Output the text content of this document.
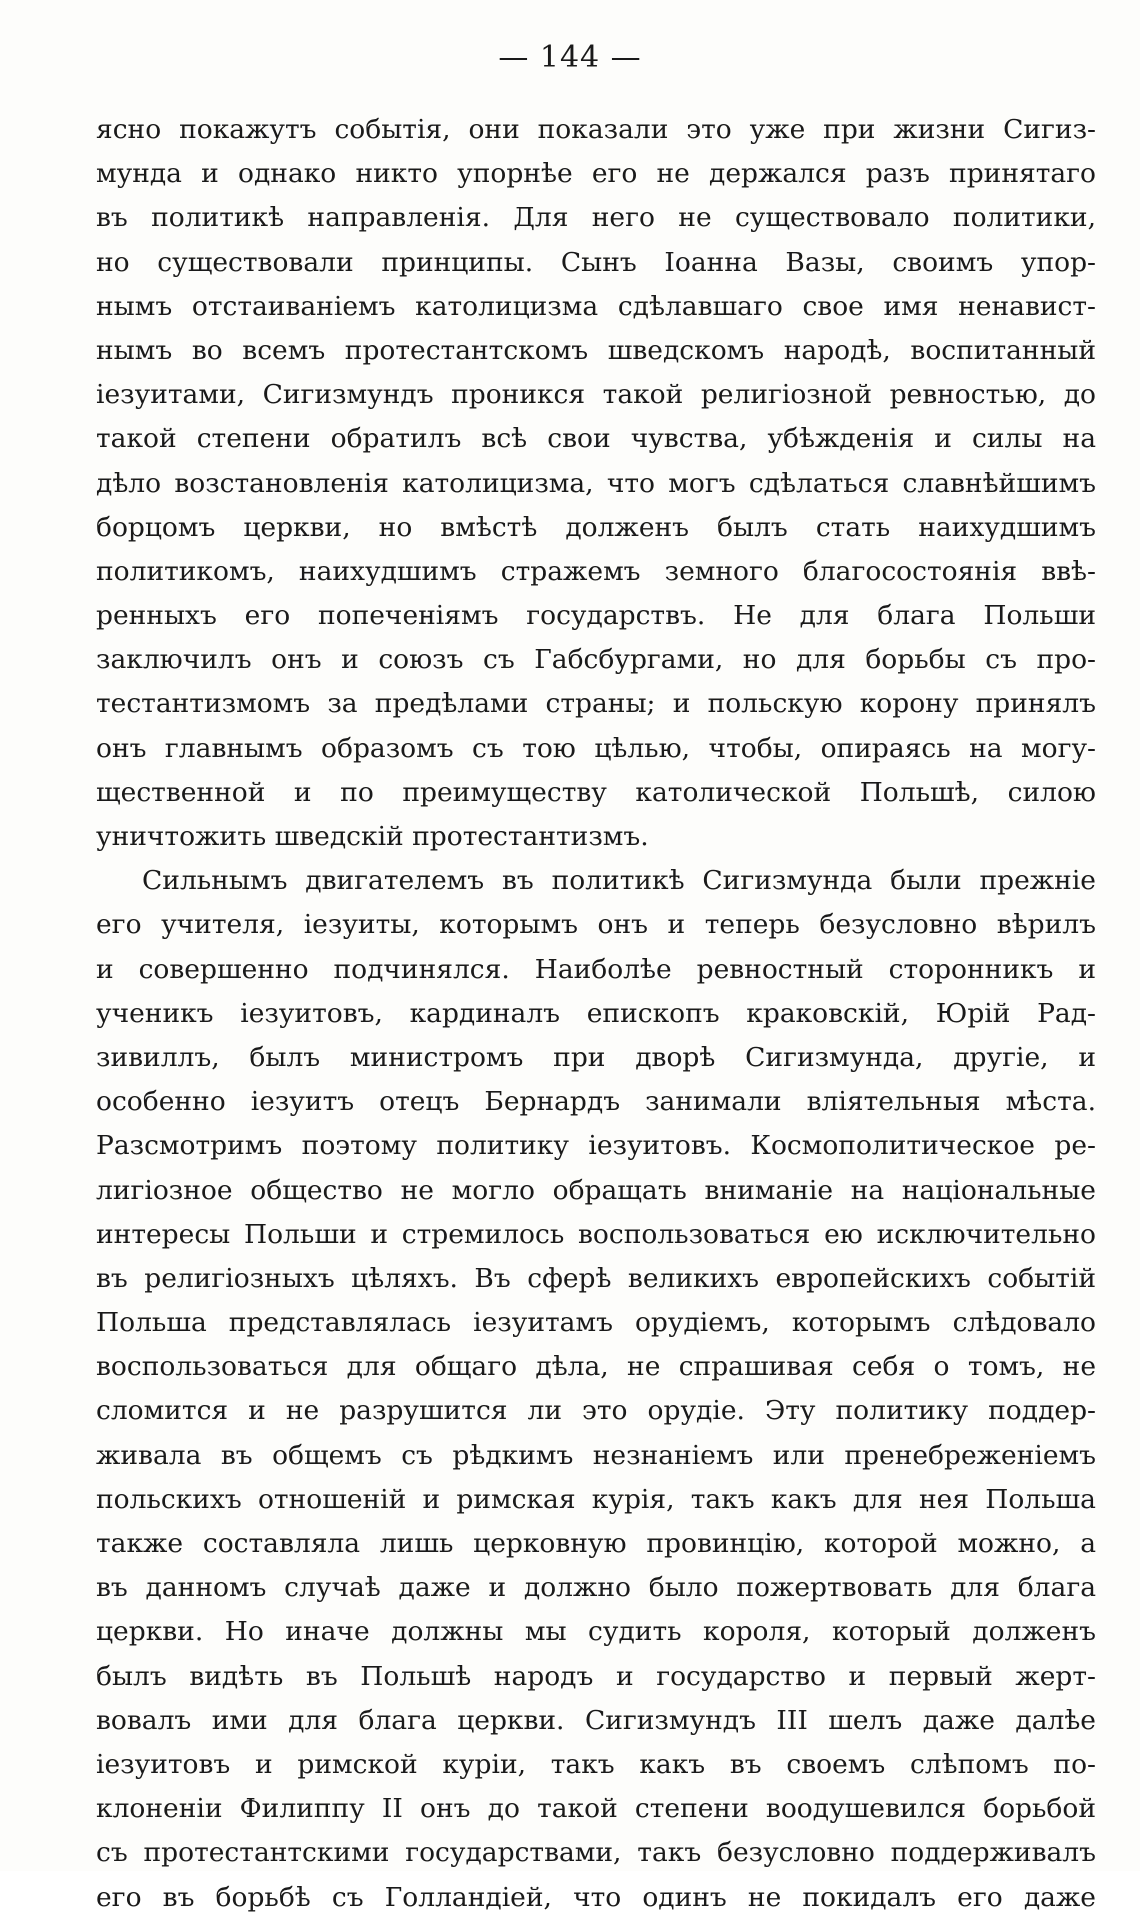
— 144 —
ясно покажутъ событія, они показали это уже при жизни Сигиз-
мунда и однако никто упорнѣе его не держался разъ принятаго
въ политикѣ направленія. Для него не существовало политики,
но существовали принципы. Сынъ Іоанна Вазы, своимъ упор-
нымъ отстаиваніемъ католицизма сдѣлавшаго свое имя ненавист-
нымъ во всемъ протестантскомъ шведскомъ народѣ, воспитанный
іезуитами, Сигизмундъ проникся такой религіозной ревностью, до
такой степени обратилъ всѣ свои чувства, убѣжденія и силы на
дѣло возстановленія католицизма, что могъ сдѣлаться славнѣйшимъ
борцомъ церкви, но вмѣстѣ долженъ былъ стать наихудшимъ
политикомъ, наихудшимъ стражемъ земного благосостоянія ввѣ-
ренныхъ его попеченіямъ государствъ. Не для блага Польши
заключилъ онъ и союзъ съ Габсбургами, но для борьбы съ про-
тестантизмомъ за предѣлами страны; и польскую корону принялъ
онъ главнымъ образомъ съ тою цѣлью, чтобы, опираясь на могу-
щественной и по преимуществу католической Польшѣ, силою
уничтожить шведскій протестантизмъ.
Сильнымъ двигателемъ въ политикѣ Сигизмунда были прежніе
его учителя, іезуиты, которымъ онъ и теперь безусловно вѣрилъ
и совершенно подчинялся. Наиболѣе ревностный сторонникъ и
ученикъ іезуитовъ, кардиналъ епископъ краковскій, Юрій Рад-
зивиллъ, былъ министромъ при дворѣ Сигизмунда, другіе, и
особенно іезуитъ отецъ Бернардъ занимали вліятельныя мѣста.
Разсмотримъ поэтому политику іезуитовъ. Космополитическое ре-
лигіозное общество не могло обращать вниманіе на національные
интересы Польши и стремилось воспользоваться ею исключительно
въ религіозныхъ цѣляхъ. Въ сферѣ великихъ европейскихъ событій
Польша представлялась іезуитамъ орудіемъ, которымъ слѣдовало
воспользоваться для общаго дѣла, не спрашивая себя о томъ, не
сломится и не разрушится ли это орудіе. Эту политику поддер-
живала въ общемъ съ рѣдкимъ незнаніемъ или пренебреженіемъ
польскихъ отношеній и римская курія, такъ какъ для нея Польша
также составляла лишь церковную провинцію, которой можно, а
въ данномъ случаѣ даже и должно было пожертвовать для блага
церкви. Но иначе должны мы судить короля, который долженъ
былъ видѣть въ Польшѣ народъ и государство и первый жерт-
вовалъ ими для блага церкви. Сигизмундъ III шелъ даже далѣе
іезуитовъ и римской куріи, такъ какъ въ своемъ слѣпомъ по-
клоненіи Филиппу II онъ до такой степени воодушевился борьбой
съ протестантскими государствами, такъ безусловно поддерживалъ
его въ борьбѣ съ Голландіей, что одинъ не покидалъ его даже
